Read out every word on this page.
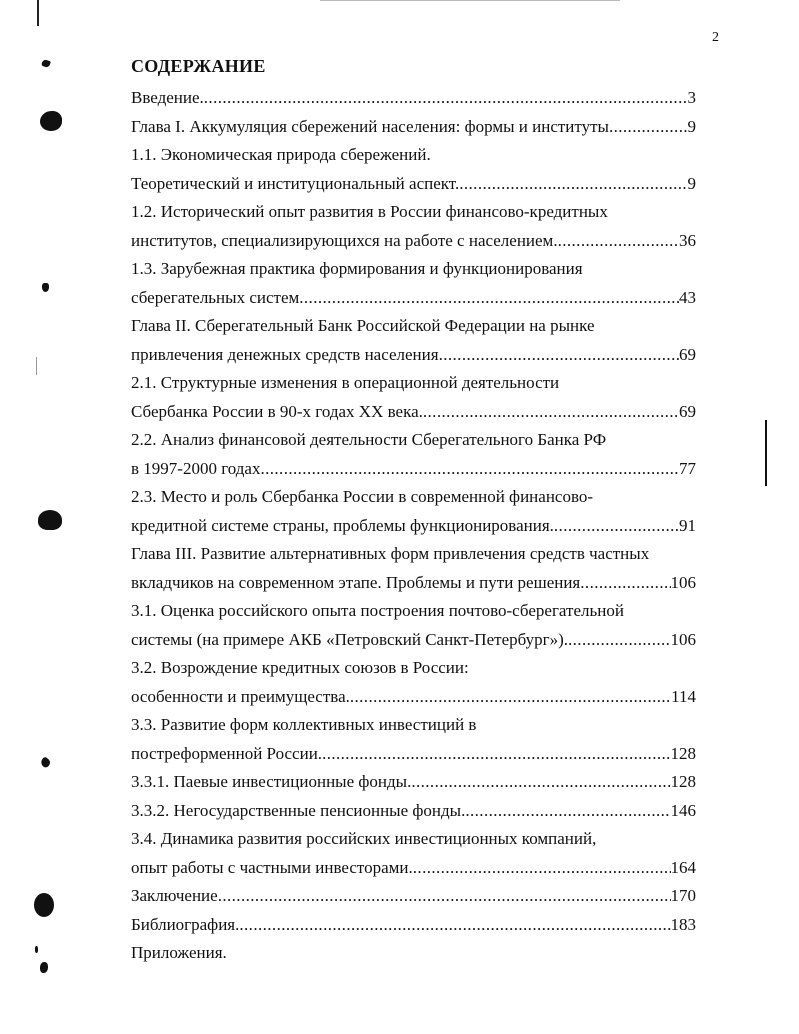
2
СОДЕРЖАНИЕ
Введение. .....	3
Глава I. Аккумуляция сбережений населения: формы и институты .....	9
1.1. Экономическая природа сбережений.
Теоретический и институциональный аспект. .....	9
1.2. Исторический опыт развития в России финансово-кредитных
институтов, специализирующихся на работе с населением. .....	36
1.3. Зарубежная практика формирования и функционирования
сберегательных систем .....	43
Глава II. Сберегательный Банк Российской Федерации на рынке
привлечения денежных средств населения .....	69
2.1. Структурные изменения в операционной деятельности
Сбербанка России в 90-х годах XX века. .....	69
2.2. Анализ финансовой деятельности Сберегательного Банка РФ
в 1997-2000 годах .....	77
2.3. Место и роль Сбербанка России в современной финансово-
кредитной системе страны, проблемы функционирования. .....	91
Глава III. Развитие альтернативных форм привлечения средств частных
вкладчиков на современном этапе. Проблемы и пути решения .....	106
3.1. Оценка российского опыта построения почтово-сберегательной
системы (на примере АКБ «Петровский Санкт-Петербург»). .....	106
3.2. Возрождение кредитных союзов в России:
особенности и преимущества. .....	114
3.3. Развитие форм коллективных инвестиций в
постреформенной России. .....	128
3.3.1. Паевые инвестиционные фонды. .....	128
3.3.2. Негосударственные пенсионные фонды. .....	146
3.4. Динамика развития российских инвестиционных компаний,
опыт работы с частными инвесторами. .....	164
Заключение .....	170
Библиография. .....	183
Приложения.
